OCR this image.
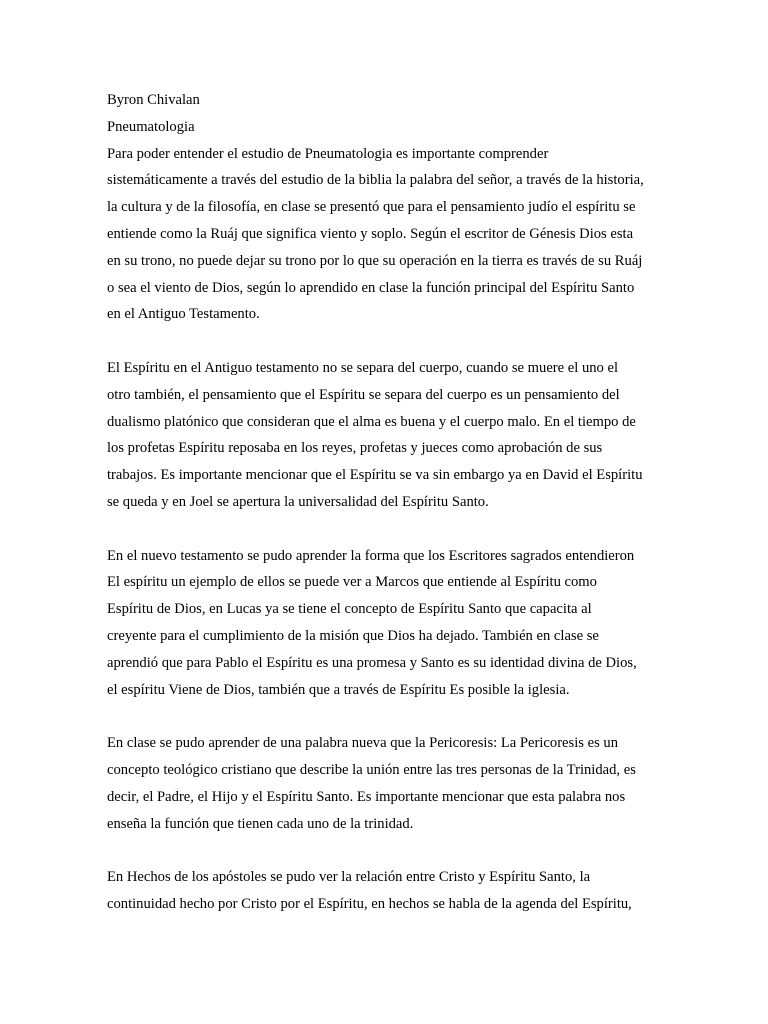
Byron Chivalan

Pneumatologia

Para poder entender el estudio de Pneumatologia es importante comprender
sistemáticamente a través del estudio de la biblia la palabra del señor, a través de la historia,
la cultura y de la filosofía, en clase se presentó que para el pensamiento judío el espíritu se
entiende como la Ruáj que significa viento y soplo. Según el escritor de Génesis Dios esta
en su trono, no puede dejar su trono por lo que su operación en la tierra es través de su Ruáj
o sea el viento de Dios, según lo aprendido en clase la función principal del Espíritu Santo
en el Antiguo Testamento.
El Espíritu en el Antiguo testamento no se separa del cuerpo, cuando se muere el uno el
otro también, el pensamiento que el Espíritu se separa del cuerpo es un pensamiento del
dualismo platónico que consideran que el alma es buena y el cuerpo malo. En el tiempo de
los profetas Espíritu reposaba en los reyes, profetas y jueces como aprobación de sus
trabajos. Es importante mencionar que el Espíritu se va sin embargo ya en David el Espíritu
se queda y en Joel se apertura la universalidad del Espíritu Santo.
En el nuevo testamento se pudo aprender la forma que los Escritores sagrados entendieron
El espíritu un ejemplo de ellos se puede ver a Marcos que entiende al Espíritu como
Espíritu de Dios, en Lucas ya se tiene el concepto de Espíritu Santo que capacita al
creyente para el cumplimiento de la misión que Dios ha dejado. También en clase se
aprendió que para Pablo el Espíritu es una promesa y Santo es su identidad divina de Dios,
el espíritu Viene de Dios, también que a través de Espíritu Es posible la iglesia.
En clase se pudo aprender de una palabra nueva que la Pericoresis: La Pericoresis es un
concepto teológico cristiano que describe la unión entre las tres personas de la Trinidad, es
decir, el Padre, el Hijo y el Espíritu Santo. Es importante mencionar que esta palabra nos
enseña la función que tienen cada uno de la trinidad.
En Hechos de los apóstoles se pudo ver la relación entre Cristo y Espíritu Santo, la
continuidad hecho por Cristo por el Espíritu, en hechos se habla de la agenda del Espíritu,
